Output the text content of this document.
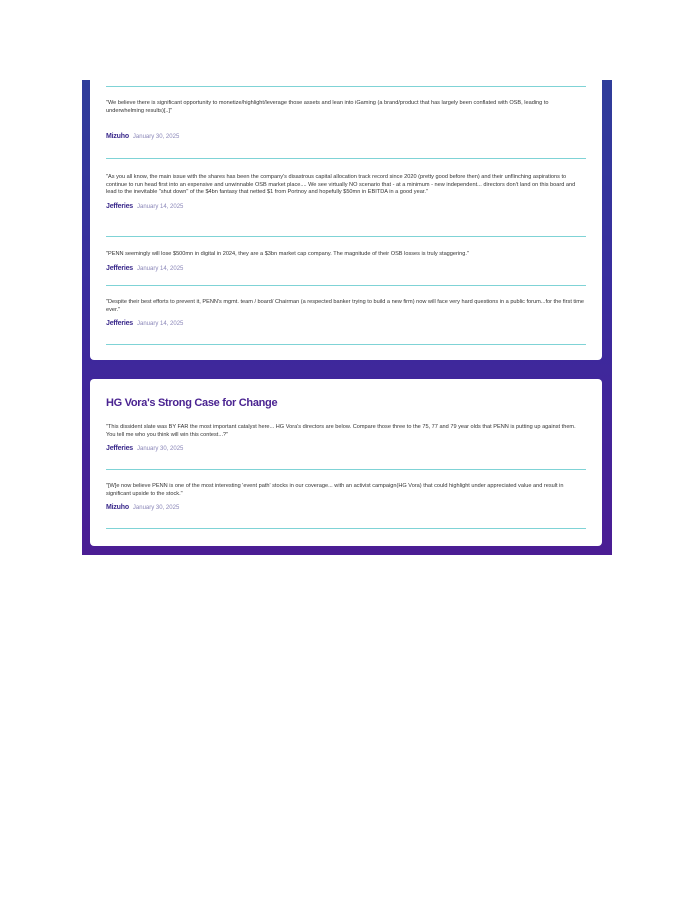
"We believe there is significant opportunity to monetize/highlight/leverage those assets and lean into iGaming (a brand/product that has largely been conflated with OSB, leading to underwhelming results)[..]"

Mizuho January 30, 2025

"As you all know, the main issue with the shares has been the company's disastrous capital allocation track record since 2020 (pretty good before then) and their unflinching aspirations to continue to run head first into an expensive and unwinnable OSB market place.... We see virtually NO scenario that - at a minimum - new independent... directors don't land on this board and lead to the inevitable "shut down" of the $4bn fantasy that netted $1 from Portnoy and hopefully $50mn in EBITDA in a good year."

Jefferies January 14, 2025

"PENN seemingly will lose $500mn in digital in 2024, they are a $3bn market cap company. The magnitude of their OSB losses is truly staggering."

Jefferies January 14, 2025

"Despite their best efforts to prevent it, PENN's mgmt. team / board/ Chairman (a respected banker trying to build a new firm) now will face very hard questions in a public forum...for the first time ever."

Jefferies January 14, 2025
HG Vora's Strong Case for Change

"This dissident slate was BY FAR the most important catalyst here... HG Vora's directors are below. Compare those three to the 75, 77 and 79 year olds that PENN is putting up against them. You tell me who you think will win this contest...?"

Jefferies January 30, 2025

"[W]e now believe PENN is one of the most interesting 'event path' stocks in our coverage... with an activist campaign(HG Vora) that could highlight under appreciated value and result in significant upside to the stock."

Mizuho January 30, 2025
